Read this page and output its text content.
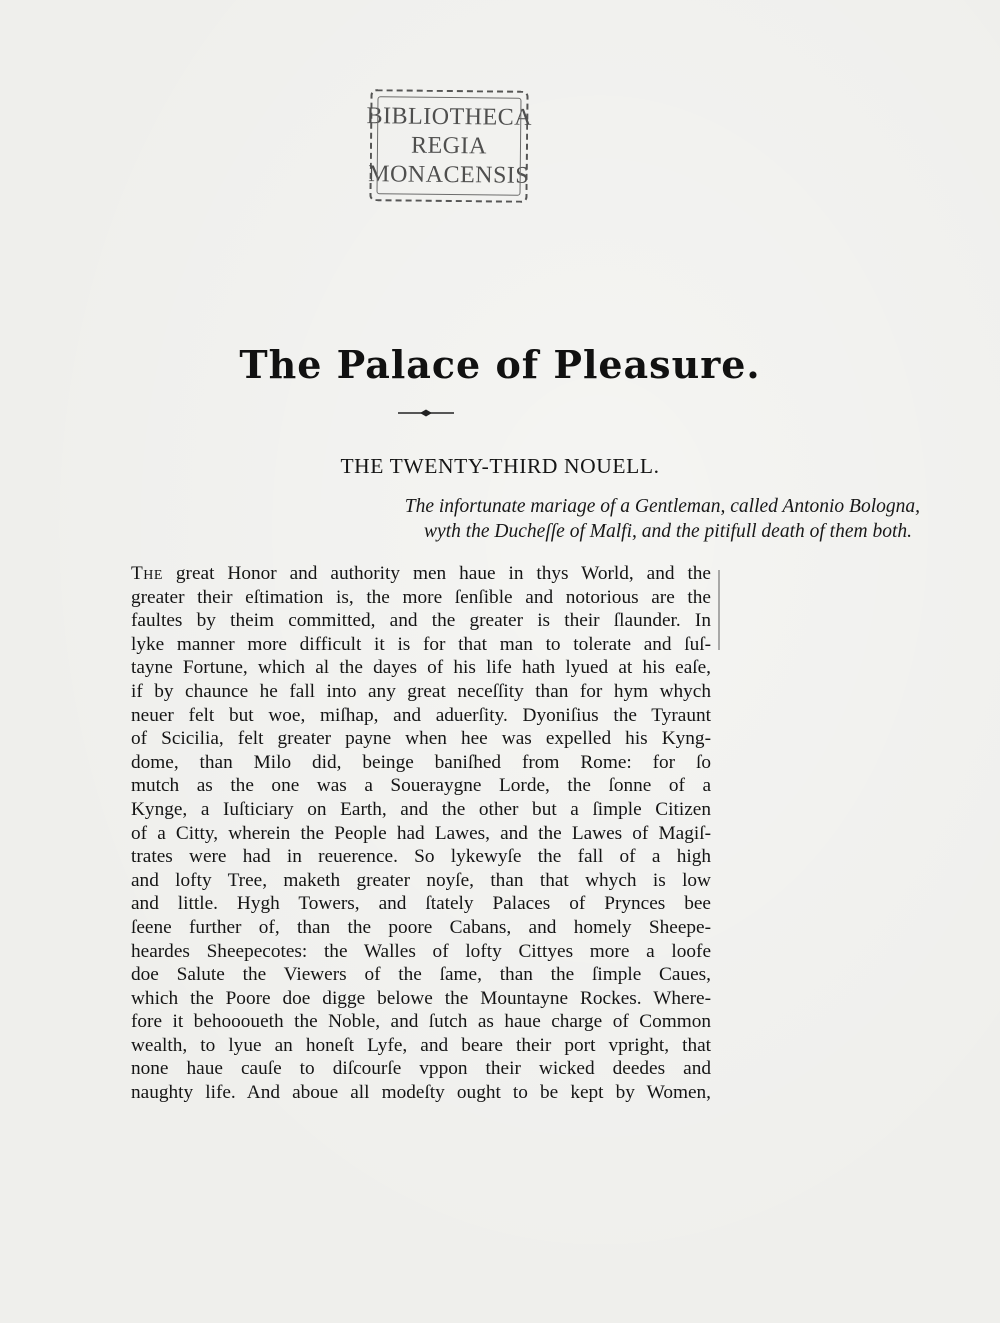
BIBLIOTHECA
REGIA
MONACENSIS
The Palace of Pleasure.
THE TWENTY-THIRD NOUELL.
The infortunate mariage of a Gentleman, called Antonio Bologna,
wyth the Ducheſſe of Malfi, and the pitifull death of them both.
The great Honor and authority men haue in thys World, and the
greater their eſtimation is, the more ſenſible and notorious are the
faultes by theim committed, and the greater is their ſlaunder. In
lyke manner more difficult it is for that man to tolerate and ſuſ-
tayne Fortune, which al the dayes of his life hath lyued at his eaſe,
if by chaunce he fall into any great neceſſity than for hym whych
neuer felt but woe, miſhap, and aduerſity. Dyoniſius the Tyraunt
of Scicilia, felt greater payne when hee was expelled his Kyng-
dome, than Milo did, beinge baniſhed from Rome: for ſo
mutch as the one was a Soueraygne Lorde, the ſonne of a
Kynge, a Iuſticiary on Earth, and the other but a ſimple Citizen
of a Citty, wherein the People had Lawes, and the Lawes of Magiſ-
trates were had in reuerence. So lykewyſe the fall of a high
and lofty Tree, maketh greater noyſe, than that whych is low
and little. Hygh Towers, and ſtately Palaces of Prynces bee
ſeene further of, than the poore Cabans, and homely Sheepe-
heardes Sheepecotes: the Walles of lofty Cittyes more a loofe
doe Salute the Viewers of the ſame, than the ſimple Caues,
which the Poore doe digge belowe the Mountayne Rockes. Where-
fore it behoooueth the Noble, and ſutch as haue charge of Common
wealth, to lyue an honeſt Lyfe, and beare their port vpright, that
none haue cauſe to diſcourſe vppon their wicked deedes and
naughty life. And aboue all modeſty ought to be kept by Women,
